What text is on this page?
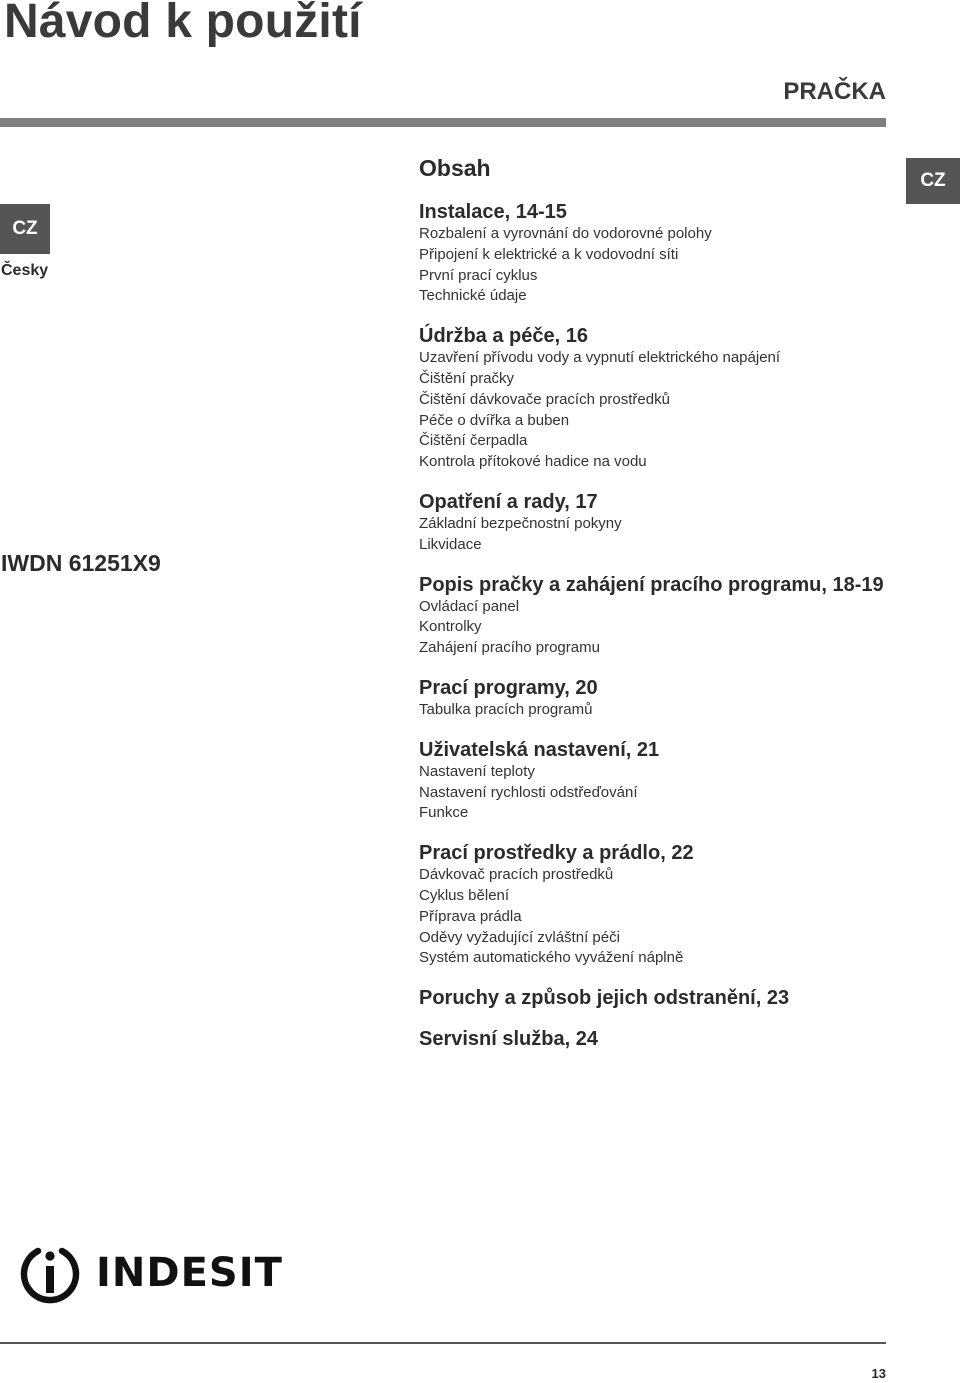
Návod k použití
PRAČKA
CZ
Česky
CZ
IWDN 61251X9
Obsah
Instalace, 14-15
Rozbalení a vyrovnání do vodorovné polohy
Připojení k elektrické a k vodovodní síti
První prací cyklus
Technické údaje
Údržba a péče, 16
Uzavření přívodu vody a vypnutí elektrického napájení
Čištění pračky
Čištění dávkovače pracích prostředků
Péče o dvířka a buben
Čištění čerpadla
Kontrola přítokové hadice na vodu
Opatření a rady, 17
Základní bezpečnostní pokyny
Likvidace
Popis pračky a zahájení pracího programu, 18-19
Ovládací panel
Kontrolky
Zahájení pracího programu
Prací programy, 20
Tabulka pracích programů
Uživatelská nastavení, 21
Nastavení teploty
Nastavení rychlosti odstřeďování
Funkce
Prací prostředky a prádlo, 22
Dávkovač pracích prostředků
Cyklus bělení
Příprava prádla
Oděvy vyžadující zvláštní péči
Systém automatického vyvážení náplně
Poruchy a způsob jejich odstranění, 23
Servisní služba, 24
INDESIT
13
